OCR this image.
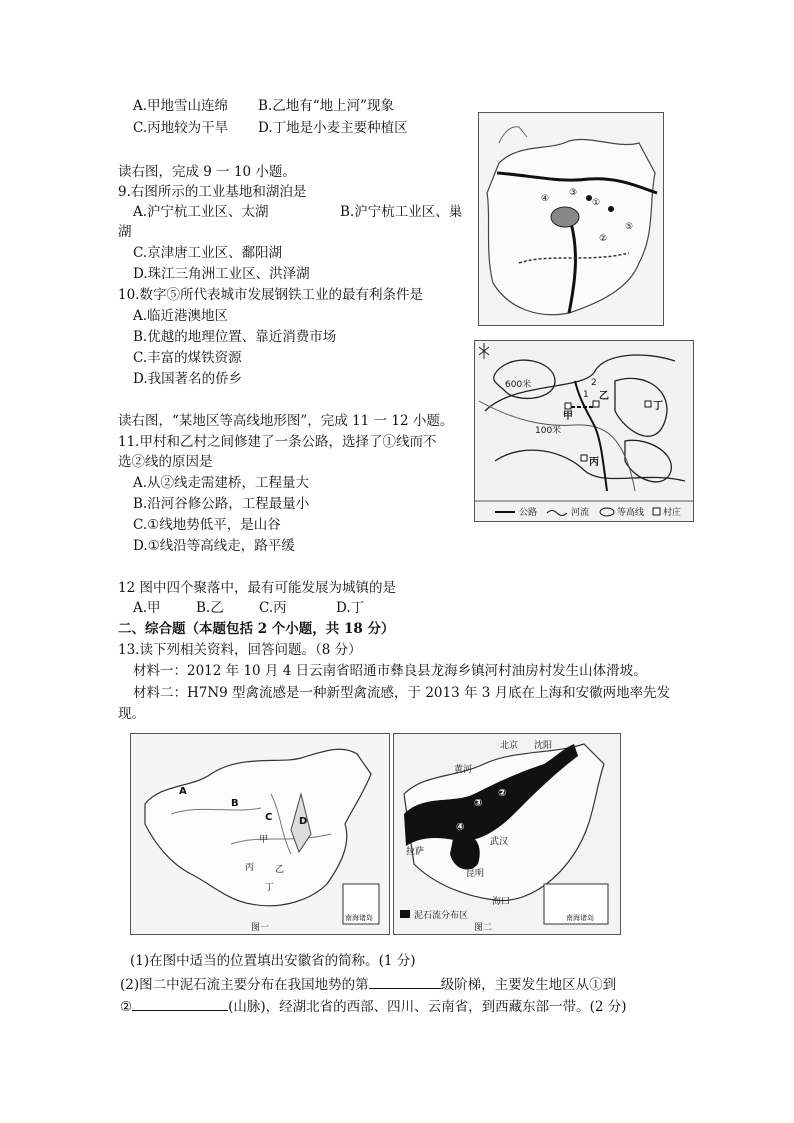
A.甲地雪山连绵 B.乙地有“地上河”现象
C.丙地较为干旱 D.丁地是小麦主要种植区
读右图，完成 9 一 10 小题。
9.右图所示的工业基地和湖泊是
A.沪宁杭工业区、太湖	B.沪宁杭工业区、巢
湖
C.京津唐工业区、鄱阳湖
D.珠江三角洲工业区、洪泽湖
10.数字⑤所代表城市发展钢铁工业的最有利条件是
A.临近港澳地区
B.优越的地理位置、靠近消费市场
C.丰富的煤铁资源
D.我国著名的侨乡
①
②
③
④
⑤
读右图，“某地区等高线地形图”，完成 11 一 12 小题。
11.甲村和乙村之间修建了一条公路，选择了①线而不
选②线的原因是
A.从②线走需建桥，工程量大
B.沿河谷修公路，工程最量小
C.①线地势低平，是山谷
D.①线沿等高线走，路平缓
12 图中四个聚落中，最有可能发展为城镇的是
A.甲	B.乙	C.丙	D.丁
600米
100米
甲
乙
丙
丁
1
2
公路	河流	等高线 村庄
二、综合题（本题包括 2 个小题，共 18 分）
13.读下列相关资料，回答问题。（8 分）
材料一：2012 年 10 月 4 日云南省昭通市彝良县龙海乡镇河村油房村发生山体滑坡。
材料二：H7N9 型禽流感是一种新型禽流感，于 2013 年 3 月底在上海和安徽两地率先发
现。
南海诸岛
A
B
C	D
甲
乙
丙
丁
图一
南海诸岛
北京 沈阳
黄河
武汉
昆明
海口
拉萨
①
②
③
④
泥石流分布区
图二
(1)在图中适当的位置填出安徽省的简称。(1 分)
(2)图二中泥石流主要分布在我国地势的第	级阶梯，主要发生地区从①到
②	(山脉)，经湖北省的西部、四川、云南省，到西藏东部一带。(2 分)
